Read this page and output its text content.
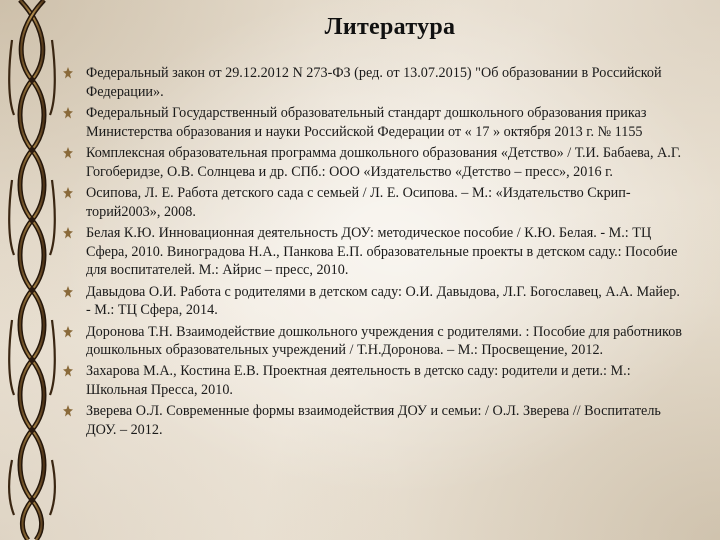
Литература
Федеральный закон от 29.12.2012 N 273-ФЗ (ред. от 13.07.2015) "Об образовании в Российской Федерации».
Федеральный Государственный образовательный стандарт дошкольного образования приказ Министерства образования и науки Российской Федерации от « 17 » октября 2013 г. № 1155
Комплексная образовательная программа дошкольного образования «Детство» / Т.И. Бабаева, А.Г. Гогоберидзе, О.В. Солнцева и др. СПб.: ООО «Издательство «Детство – пресс», 2016 г.
Осипова, Л. Е. Работа детского сада с семьей / Л. Е. Осипова. – М.: «Издательство Скрип-торий2003», 2008.
Белая К.Ю. Инновационная деятельность ДОУ: методическое пособие / К.Ю. Белая. - М.: ТЦ Сфера, 2010. Виноградова Н.А., Панкова Е.П. образовательные проекты в детском саду.: Пособие для воспитателей. М.: Айрис – пресс, 2010.
Давыдова О.И. Работа с родителями в детском саду: О.И. Давыдова, Л.Г. Богославец, А.А. Майер. - М.: ТЦ Сфера, 2014.
Доронова Т.Н. Взаимодействие дошкольного учреждения с родителями. : Пособие для работников дошкольных образовательных учреждений / Т.Н.Доронова. – М.: Просвещение, 2012.
Захарова М.А., Костина Е.В. Проектная деятельность в детско саду: родители и дети.: М.: Школьная Пресса, 2010.
Зверева О.Л. Современные формы взаимодействия ДОУ и семьи: / О.Л. Зверева // Воспитатель ДОУ. – 2012.
